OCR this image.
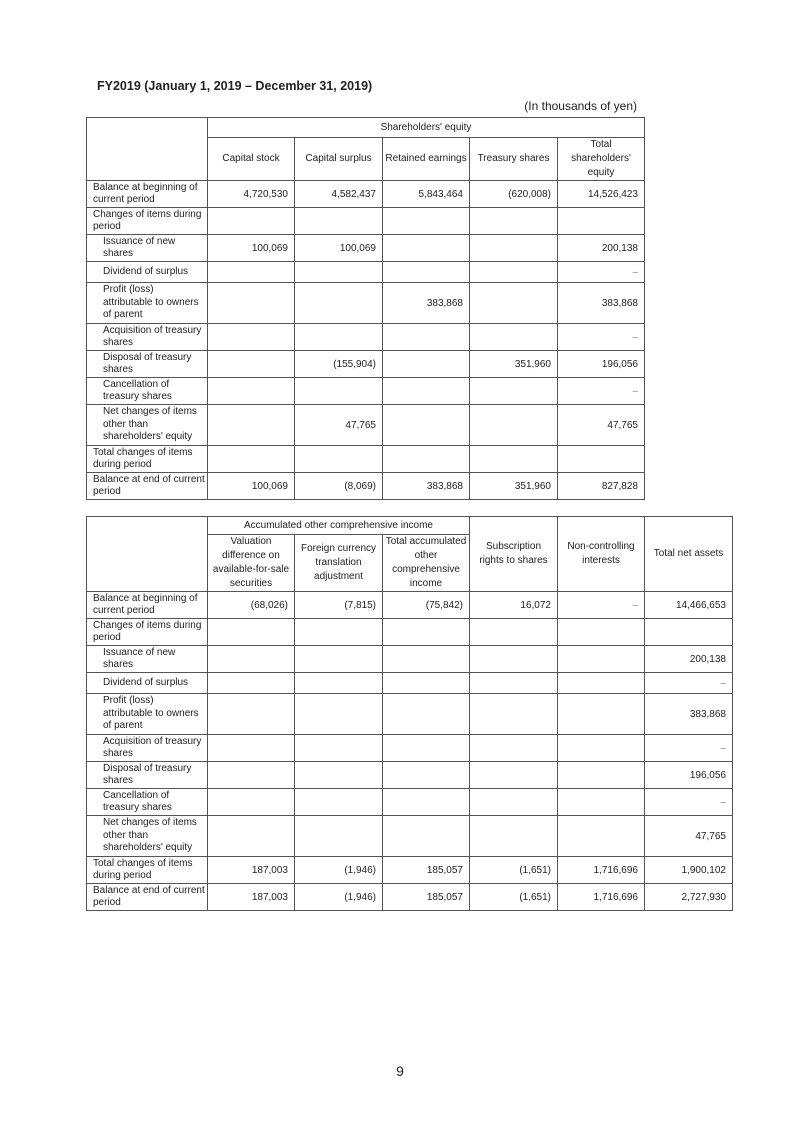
FY2019 (January 1, 2019 – December 31, 2019)
(In thousands of yen)
	Shareholders' equity				
	Capital stock	Capital surplus	Retained earnings	Treasury shares	Total shareholders' equity
Balance at beginning of current period	4,720,530	4,582,437	5,843,464	(620,008)	14,526,423
Changes of items during period					
Issuance of new shares	100,069	100,069			200,138
Dividend of surplus					–
Profit (loss) attributable to owners of parent			383,868		383,868
Acquisition of treasury shares					–
Disposal of treasury shares		(155,904)		351,960	196,056
Cancellation of treasury shares					–
Net changes of items other than shareholders' equity		47,765			47,765
Total changes of items during period					
Balance at end of current period	100,069	(8,069)	383,868	351,960	827,828
	Accumulated other comprehensive income			Subscription rights to shares	Non-controlling interests	Total net assets
	Valuation difference on available-for-sale securities	Foreign currency translation adjustment	Total accumulated other comprehensive income			
Balance at beginning of current period	(68,026)	(7,815)	(75,842)	16,072	–	14,466,653
Changes of items during period						
Issuance of new shares						200,138
Dividend of surplus						–
Profit (loss) attributable to owners of parent						383,868
Acquisition of treasury shares						–
Disposal of treasury shares						196,056
Cancellation of treasury shares						–
Net changes of items other than shareholders' equity						47,765
Total changes of items during period	187,003	(1,946)	185,057	(1,651)	1,716,696	1,900,102
Balance at end of current period	187,003	(1,946)	185,057	(1,651)	1,716,696	2,727,930
9
